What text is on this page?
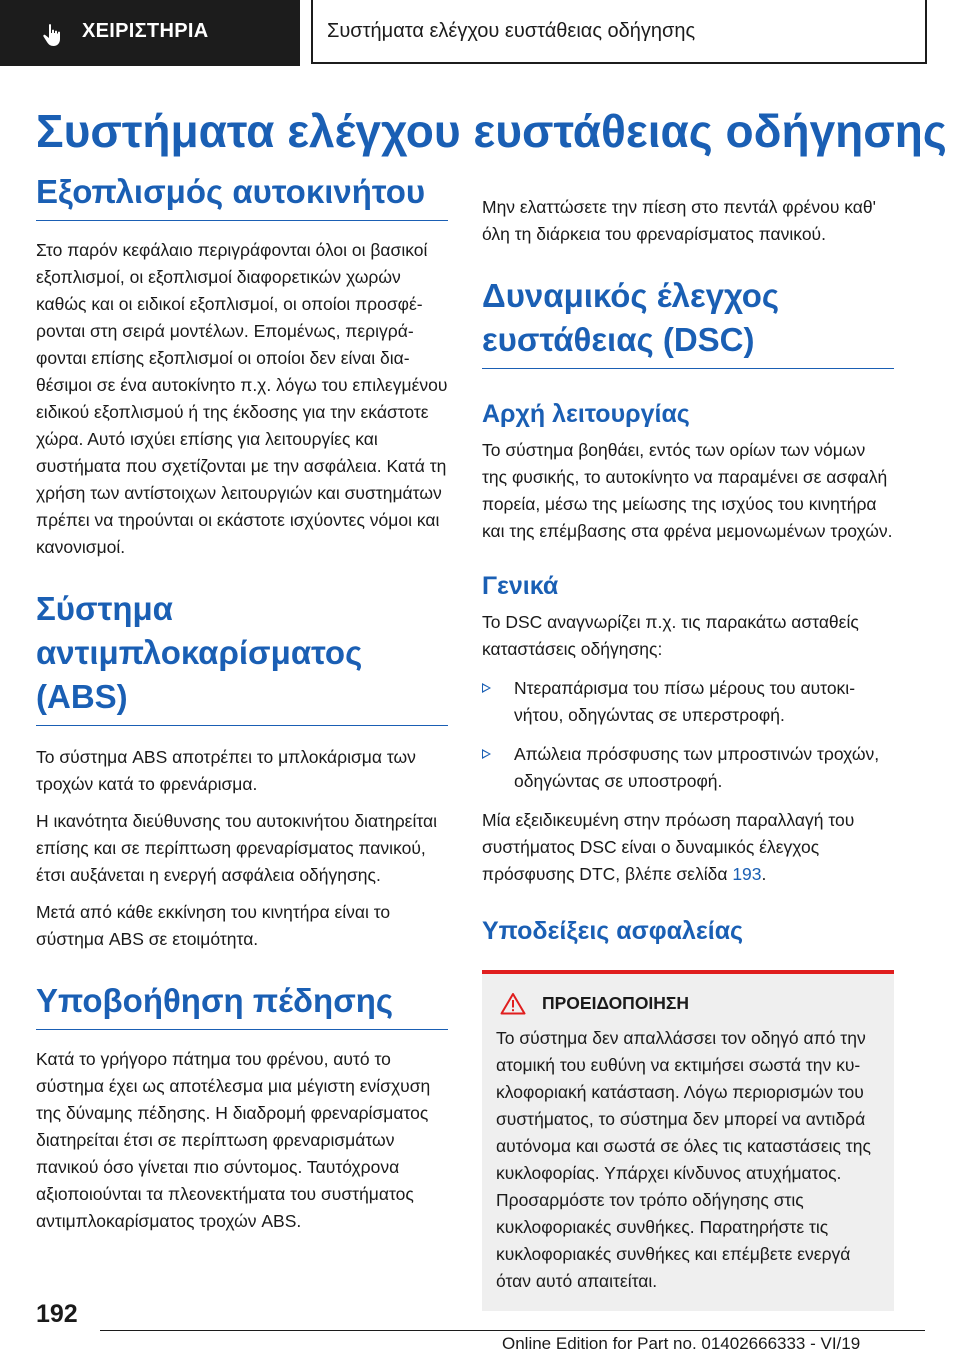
ΧΕΙΡΙΣΤΗΡΙΑ	Συστήματα ελέγχου ευστάθειας οδήγησης
Συστήματα ελέγχου ευστάθειας οδήγησης
Εξοπλισμός αυτοκινήτου

Στο παρόν κεφάλαιο περιγράφονται όλοι οι βασικοί εξοπλισμοί, οι εξοπλισμοί διαφορετικών χωρών καθώς και οι ειδικοί εξοπλισμοί, οι οποίοι προσφέρονται στη σειρά μοντέλων. Επομένως, περιγράφονται επίσης εξοπλισμοί οι οποίοι δεν είναι διαθέσιμοι σε ένα αυτοκίνητο π.χ. λόγω του επιλεγμένου ειδικού εξοπλισμού ή της έκδοσης για την εκάστοτε χώρα. Αυτό ισχύει επίσης για λειτουργίες και συστήματα που σχετίζονται με την ασφάλεια. Κατά τη χρήση των αντίστοιχων λειτουργιών και συστημάτων πρέπει να τηρούνται οι εκάστοτε ισχύοντες νόμοι και κανονισμοί.

Σύστημα αντιμπλοκαρίσματος (ABS)

Το σύστημα ABS αποτρέπει το μπλοκάρισμα των τροχών κατά το φρενάρισμα.

Η ικανότητα διεύθυνσης του αυτοκινήτου διατηρείται επίσης και σε περίπτωση φρεναρίσματος πανικού, έτσι αυξάνεται η ενεργή ασφάλεια οδήγησης.

Μετά από κάθε εκκίνηση του κινητήρα είναι το σύστημα ABS σε ετοιμότητα.

Υποβοήθηση πέδησης

Κατά το γρήγορο πάτημα του φρένου, αυτό το σύστημα έχει ως αποτέλεσμα μια μέγιστη ενίσχυση της δύναμης πέδησης. Η διαδρομή φρεναρίσματος διατηρείται έτσι σε περίπτωση φρεναρισμάτων πανικού όσο γίνεται πιο σύντομος. Ταυτόχρονα αξιοποιούνται τα πλεονεκτήματα του συστήματος αντιμπλοκαρίσματος τροχών ABS.

Μην ελαττώσετε την πίεση στο πεντάλ φρένου καθ' όλη τη διάρκεια του φρεναρίσματος πανικού.

Δυναμικός έλεγχος ευστάθειας (DSC)
Αρχή λειτουργίας

Το σύστημα βοηθάει, εντός των ορίων των νόμων της φυσικής, το αυτοκίνητο να παραμένει σε ασφαλή πορεία, μέσω της μείωσης της ισχύος του κινητήρα και της επέμβασης στα φρένα μεμονωμένων τροχών.

Γενικά

Το DSC αναγνωρίζει π.χ. τις παρακάτω ασταθείς καταστάσεις οδήγησης:

Ντεραπάρισμα του πίσω μέρους του αυτοκινήτου, οδηγώντας σε υπερστροφή.
Απώλεια πρόσφυσης των μπροστινών τροχών, οδηγώντας σε υποστροφή.

Μία εξειδικευμένη στην πρόωση παραλλαγή του συστήματος DSC είναι ο δυναμικός έλεγχος πρόσφυσης DTC, βλέπε σελίδα 193.

Υποδείξεις ασφαλείας
ΠΡΟΕΙΔΟΠΟΙΗΣΗ

Το σύστημα δεν απαλλάσσει τον οδηγό από την ατομική του ευθύνη να εκτιμήσει σωστά την κυκλοφοριακή κατάσταση. Λόγω περιορισμών του συστήματος, το σύστημα δεν μπορεί να αντιδρά αυτόνομα και σωστά σε όλες τις καταστάσεις της κυκλοφορίας. Υπάρχει κίνδυνος ατυχήματος. Προσαρμόστε τον τρόπο οδήγησης στις κυκλοφοριακές συνθήκες. Παρατηρήστε τις κυκλοφοριακές συνθήκες και επέμβετε ενεργά όταν αυτό απαιτείται.

192
Online Edition for Part no. 01402666333 - VI/19
